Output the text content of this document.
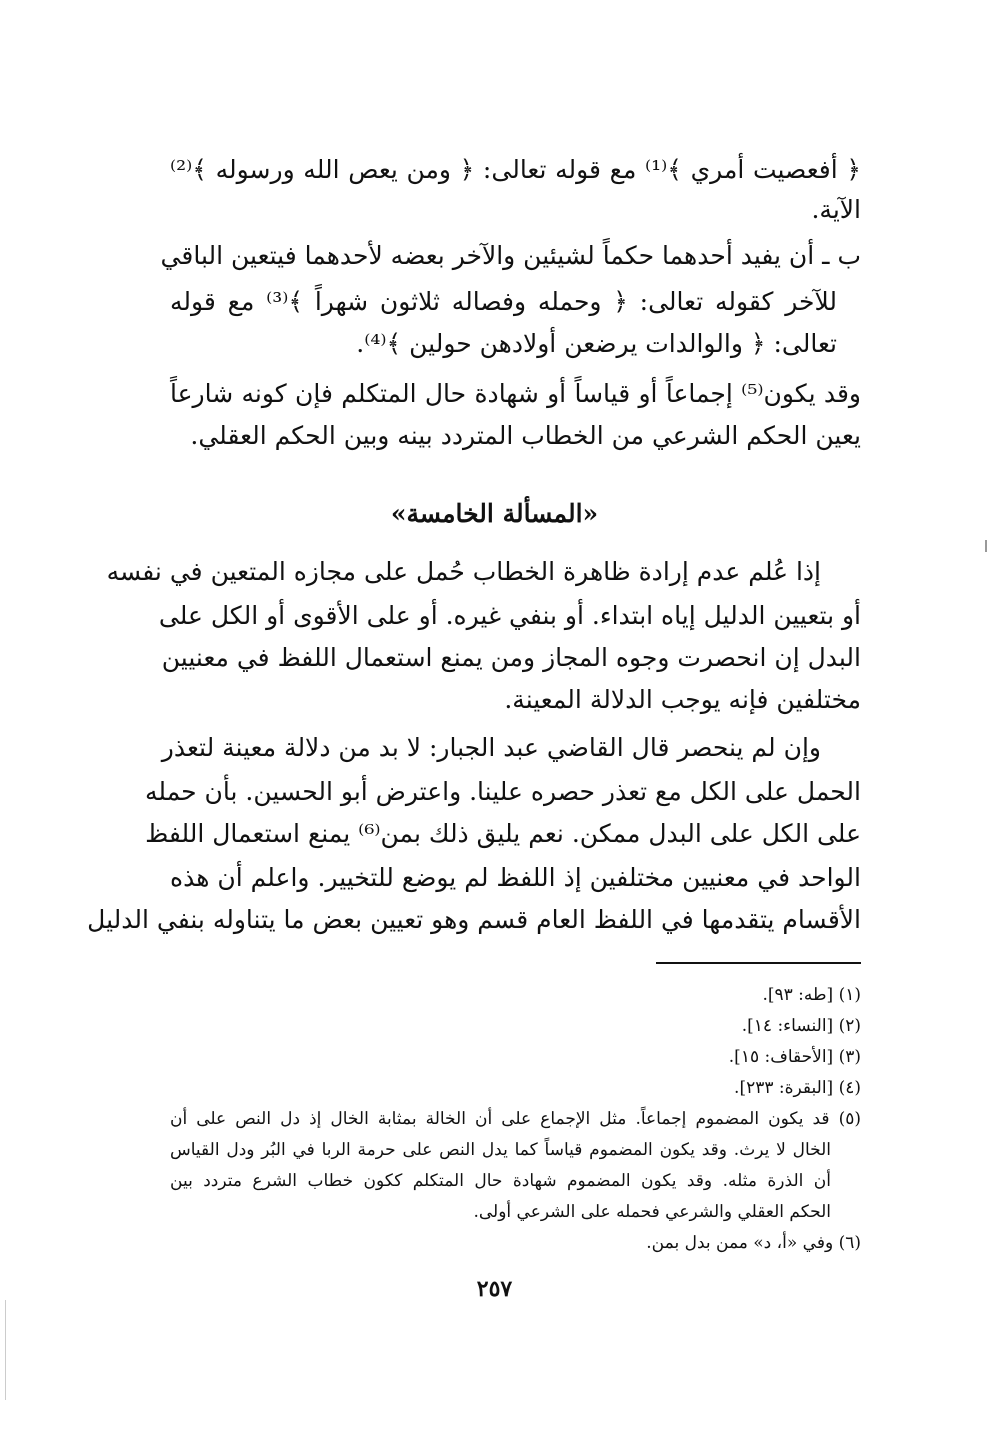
﴿ أفعصيت أمري ﴾⁽¹⁾ مع قوله تعالى: ﴿ ومن يعص الله ورسوله ﴾⁽²⁾
الآية.
ب ـ أن يفيد أحدهما حكماً لشيئين والآخر بعضه لأحدهما فيتعين الباقي
للآخر كقوله تعالى: ﴿ وحمله وفصاله ثلاثون شهراً ﴾⁽³⁾ مع قوله
تعالى: ﴿ والوالدات يرضعن أولادهن حولين ﴾⁽⁴⁾.
وقد يكون⁽⁵⁾ إجماعاً أو قياساً أو شهادة حال المتكلم فإن كونه شارعاً
يعين الحكم الشرعي من الخطاب المتردد بينه وبين الحكم العقلي.
«المسألة الخامسة»
إذا عُلم عدم إرادة ظاهرة الخطاب حُمل على مجازه المتعين في نفسه
أو بتعيين الدليل إياه ابتداء. أو بنفي غيره. أو على الأقوى أو الكل على
البدل إن انحصرت وجوه المجاز ومن يمنع استعمال اللفظ في معنيين
مختلفين فإنه يوجب الدلالة المعينة.
وإن لم ينحصر قال القاضي عبد الجبار: لا بد من دلالة معينة لتعذر
الحمل على الكل مع تعذر حصره علينا. واعترض أبو الحسين. بأن حمله
على الكل على البدل ممكن. نعم يليق ذلك بمن⁽⁶⁾ يمنع استعمال اللفظ
الواحد في معنيين مختلفين إذ اللفظ لم يوضع للتخيير. واعلم أن هذه
الأقسام يتقدمها في اللفظ العام قسم وهو تعيين بعض ما يتناوله بنفي الدليل
(١) [طه: ٩٣].
(٢) [النساء: ١٤].
(٣) [الأحقاف: ١٥].
(٤) [البقرة: ٢٣٣].
(٥) قد يكون المضموم إجماعاً. مثل الإجماع على أن الخالة بمثابة الخال إذ دل النص على أن
الخال لا يرث. وقد يكون المضموم قياساً كما يدل النص على حرمة الربا في البُر ودل القياس
أن الذرة مثله. وقد يكون المضموم شهادة حال المتكلم ككون خطاب الشرع متردد بين
الحكم العقلي والشرعي فحمله على الشرعي أولى.
(٦) وفي «أ، د» ممن بدل بمن.
٢٥٧
